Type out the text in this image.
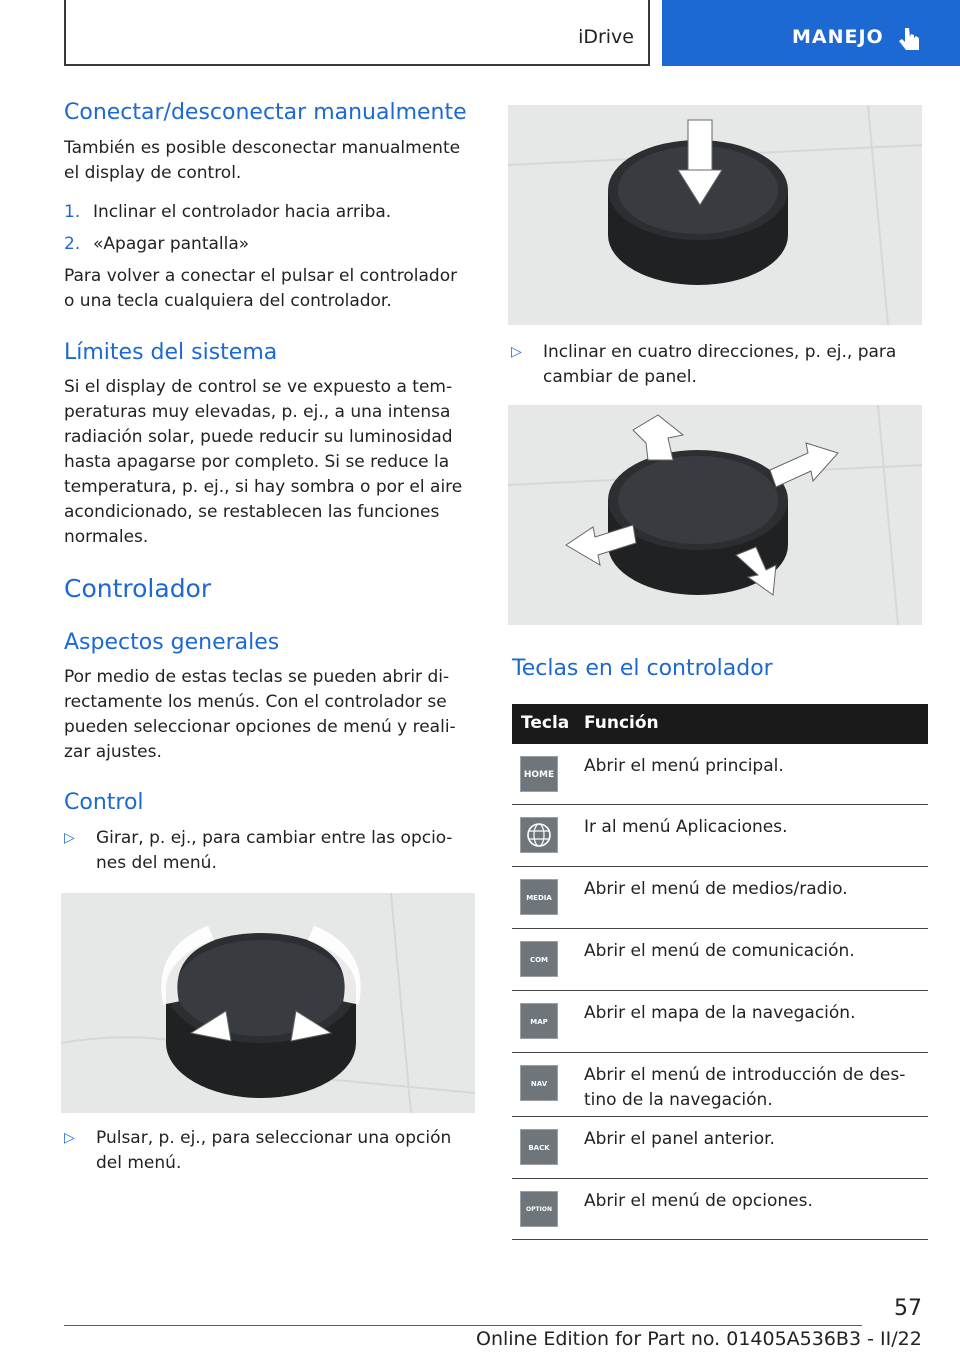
iDrive	MANEJO
Conectar/desconectar manualmente
También es posible desconectar manualmente
el display de control.
1. Inclinar el controlador hacia arriba.
2. «Apagar pantalla»
Para volver a conectar el pulsar el controlador
o una tecla cualquiera del controlador.
Límites del sistema
Si el display de control se ve expuesto a tem‐
peraturas muy elevadas, p. ej., a una intensa
radiación solar, puede reducir su luminosidad
hasta apagarse por completo. Si se reduce la
temperatura, p. ej., si hay sombra o por el aire
acondicionado, se restablecen las funciones
normales.
Controlador
Aspectos generales
Por medio de estas teclas se pueden abrir di‐
rectamente los menús. Con el controlador se
pueden seleccionar opciones de menú y reali‐
zar ajustes.
Control
▷ Girar, p. ej., para cambiar entre las opcio‐
nes del menú.
▷ Pulsar, p. ej., para seleccionar una opción
del menú.
▷ Inclinar en cuatro direcciones, p. ej., para
cambiar de panel.
Teclas en el controlador
Tecla Función
HOME Abrir el menú principal.
Ir al menú Aplicaciones.
MEDIA	Abrir el menú de medios/radio.
COM	Abrir el menú de comunicación.
MAP	Abrir el mapa de la navegación.
NAV	Abrir el menú de introducción de des‐
tino de la navegación.
BACK	Abrir el panel anterior.
OPTION	Abrir el menú de opciones.
57
Online Edition for Part no. 01405A536B3 - II/22
